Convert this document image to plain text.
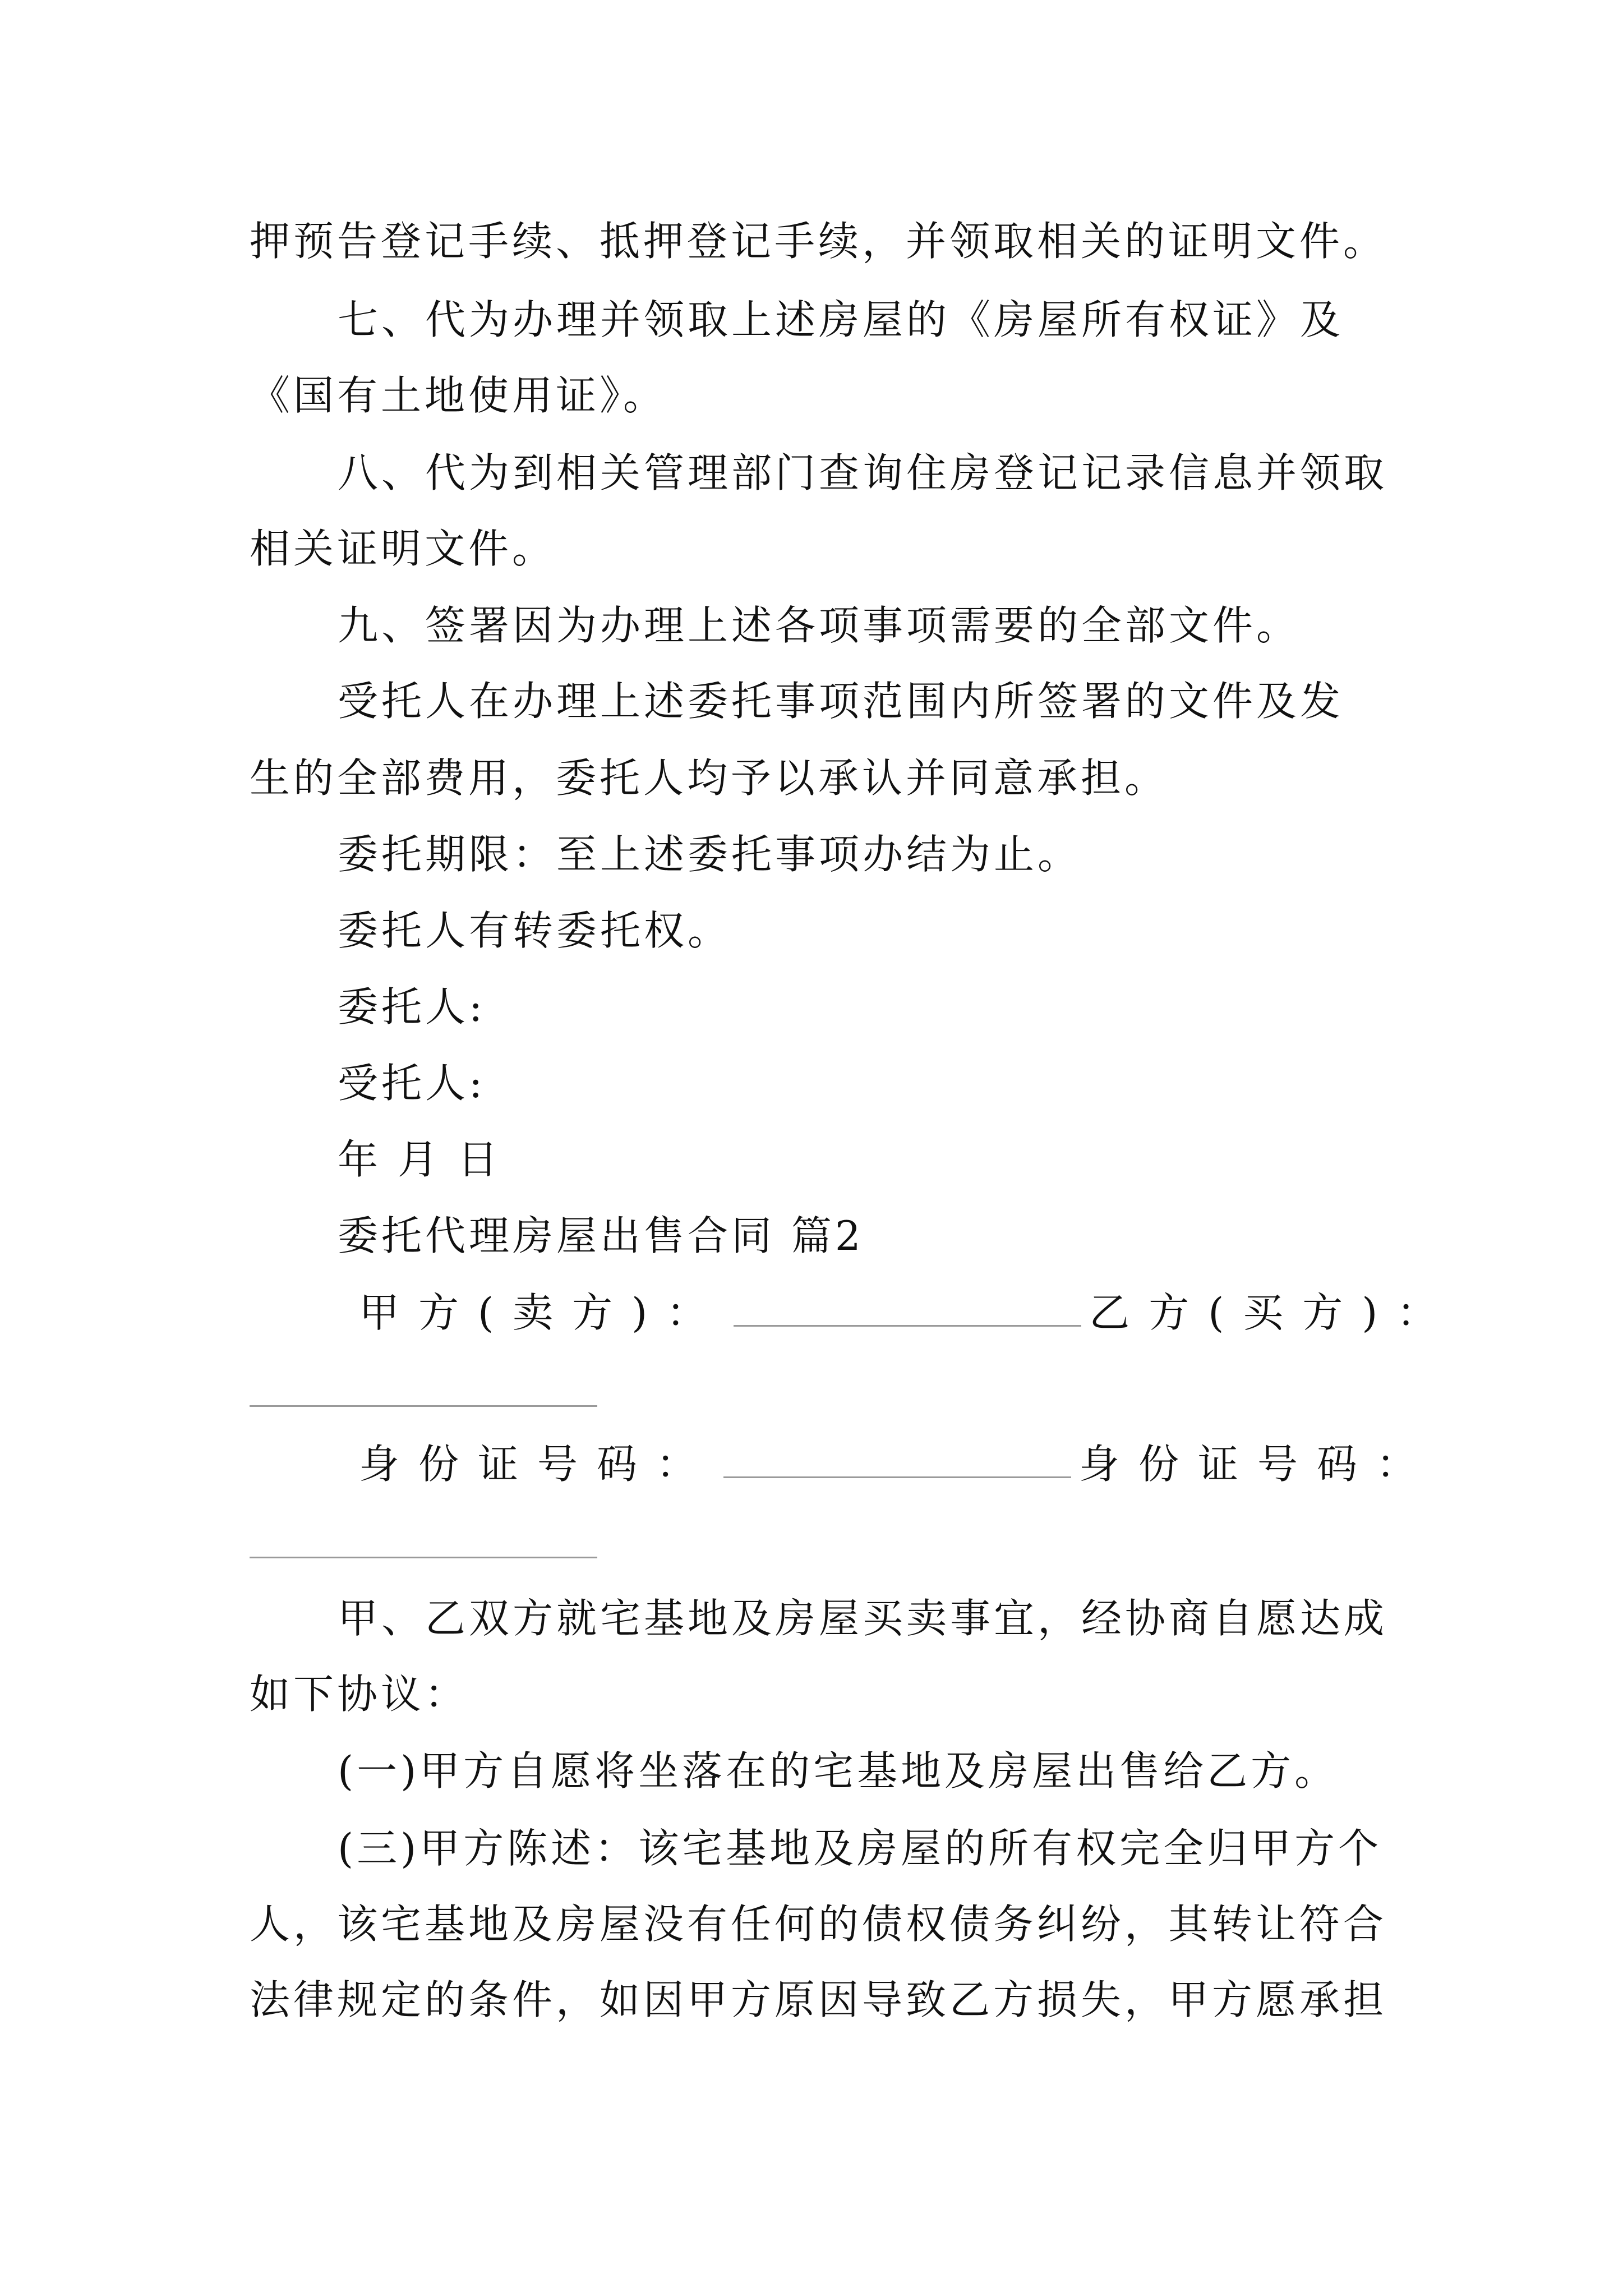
押预告登记手续、抵押登记手续，并领取相关的证明文件。
七、代为办理并领取上述房屋的《房屋所有权证》及
《国有土地使用证》。
八、代为到相关管理部门查询住房登记记录信息并领取
相关证明文件。
九、签署因为办理上述各项事项需要的全部文件。
受托人在办理上述委托事项范围内所签署的文件及发
生的全部费用，委托人均予以承认并同意承担。
委托期限：至上述委托事项办结为止。
委托人有转委托权。
委托人:
受托人:
年 月 日
委托代理房屋出售合同 篇2
甲方(卖方)：	乙方(买方)：
身份证号码：	身份证号码：
甲、乙双方就宅基地及房屋买卖事宜，经协商自愿达成
如下协议：
(一)甲方自愿将坐落在的宅基地及房屋出售给乙方。
(三)甲方陈述：该宅基地及房屋的所有权完全归甲方个
人，该宅基地及房屋没有任何的债权债务纠纷，其转让符合
法律规定的条件，如因甲方原因导致乙方损失，甲方愿承担
